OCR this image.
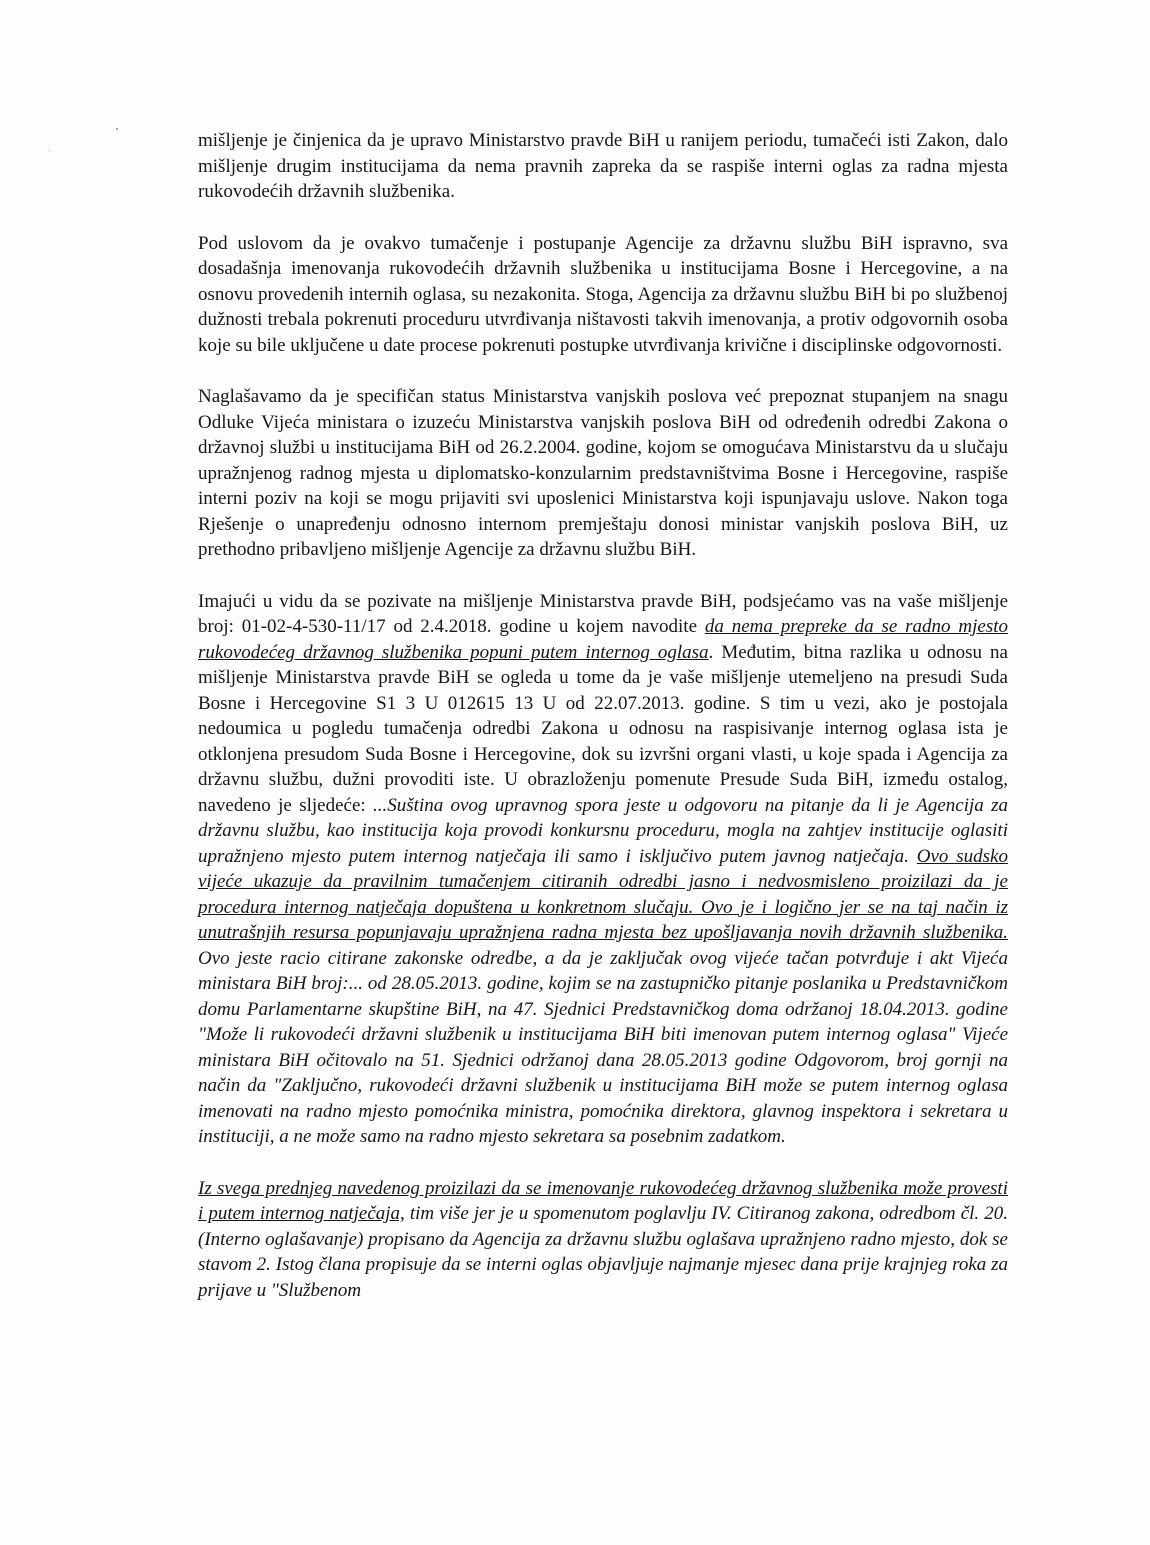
mišljenje je činjenica da je upravo Ministarstvo pravde BiH u ranijem periodu, tumačeći isti Zakon, dalo mišljenje drugim institucijama da nema pravnih zapreka da se raspiše interni oglas za radna mjesta rukovodećih državnih službenika.

Pod uslovom da je ovakvo tumačenje i postupanje Agencije za državnu službu BiH ispravno, sva dosadašnja imenovanja rukovodećih državnih službenika u institucijama Bosne i Hercegovine, a na osnovu provedenih internih oglasa, su nezakonita. Stoga, Agencija za državnu službu BiH bi po službenoj dužnosti trebala pokrenuti proceduru utvrđivanja ništavosti takvih imenovanja, a protiv odgovornih osoba koje su bile uključene u date procese pokrenuti postupke utvrđivanja krivične i disciplinske odgovornosti.

Naglašavamo da je specifičan status Ministarstva vanjskih poslova već prepoznat stupanjem na snagu Odluke Vijeća ministara o izuzeću Ministarstva vanjskih poslova BiH od određenih odredbi Zakona o državnoj službi u institucijama BiH od 26.2.2004. godine, kojom se omogućava Ministarstvu da u slučaju upražnjenog radnog mjesta u diplomatsko-konzularnim predstavništvima Bosne i Hercegovine, raspiše interni poziv na koji se mogu prijaviti svi uposlenici Ministarstva koji ispunjavaju uslove. Nakon toga Rješenje o unapređenju odnosno internom premještaju donosi ministar vanjskih poslova BiH, uz prethodno pribavljeno mišljenje Agencije za državnu službu BiH.

Imajući u vidu da se pozivate na mišljenje Ministarstva pravde BiH, podsjećamo vas na vaše mišljenje broj: 01-02-4-530-11/17 od 2.4.2018. godine u kojem navodite da nema prepreke da se radno mjesto rukovodećeg državnog službenika popuni putem internog oglasa. Međutim, bitna razlika u odnosu na mišljenje Ministarstva pravde BiH se ogleda u tome da je vaše mišljenje utemeljeno na presudi Suda Bosne i Hercegovine S1 3 U 012615 13 U od 22.07.2013. godine. S tim u vezi, ako je postojala nedoumica u pogledu tumačenja odredbi Zakona u odnosu na raspisivanje internog oglasa ista je otklonjena presudom Suda Bosne i Hercegovine, dok su izvršni organi vlasti, u koje spada i Agencija za državnu službu, dužni provoditi iste. U obrazloženju pomenute Presude Suda BiH, između ostalog, navedeno je sljedeće: ...Suština ovog upravnog spora jeste u odgovoru na pitanje da li je Agencija za državnu službu, kao institucija koja provodi konkursnu proceduru, mogla na zahtjev institucije oglasiti upražnjeno mjesto putem internog natječaja ili samo i isključivo putem javnog natječaja. Ovo sudsko vijeće ukazuje da pravilnim tumačenjem citiranih odredbi jasno i nedvosmisleno proizilazi da je procedura internog natječaja dopuštena u konkretnom slučaju. Ovo je i logično jer se na taj način iz unutrašnjih resursa popunjavaju upražnjena radna mjesta bez upošljavanja novih državnih službenika. Ovo jeste racio citirane zakonske odredbe, a da je zaključak ovog vijeće tačan potvrđuje i akt Vijeća ministara BiH broj:... od 28.05.2013. godine, kojim se na zastupničko pitanje poslanika u Predstavničkom domu Parlamentarne skupštine BiH, na 47. Sjednici Predstavničkog doma održanoj 18.04.2013. godine "Može li rukovodeći državni službenik u institucijama BiH biti imenovan putem internog oglasa" Vijeće ministara BiH očitovalo na 51. Sjednici održanoj dana 28.05.2013 godine Odgovorom, broj gornji na način da "Zaključno, rukovodeći državni službenik u institucijama BiH može se putem internog oglasa imenovati na radno mjesto pomoćnika ministra, pomoćnika direktora, glavnog inspektora i sekretara u instituciji, a ne može samo na radno mjesto sekretara sa posebnim zadatkom.

Iz svega prednjeg navedenog proizilazi da se imenovanje rukovodećeg državnog službenika može provesti i putem internog natječaja, tim više jer je u spomenutom poglavlju IV. Citiranog zakona, odredbom čl. 20. (Interno oglašavanje) propisano da Agencija za državnu službu oglašava upražnjeno radno mjesto, dok se stavom 2. Istog člana propisuje da se interni oglas objavljuje najmanje mjesec dana prije krajnjeg roka za prijave u "Službenom
